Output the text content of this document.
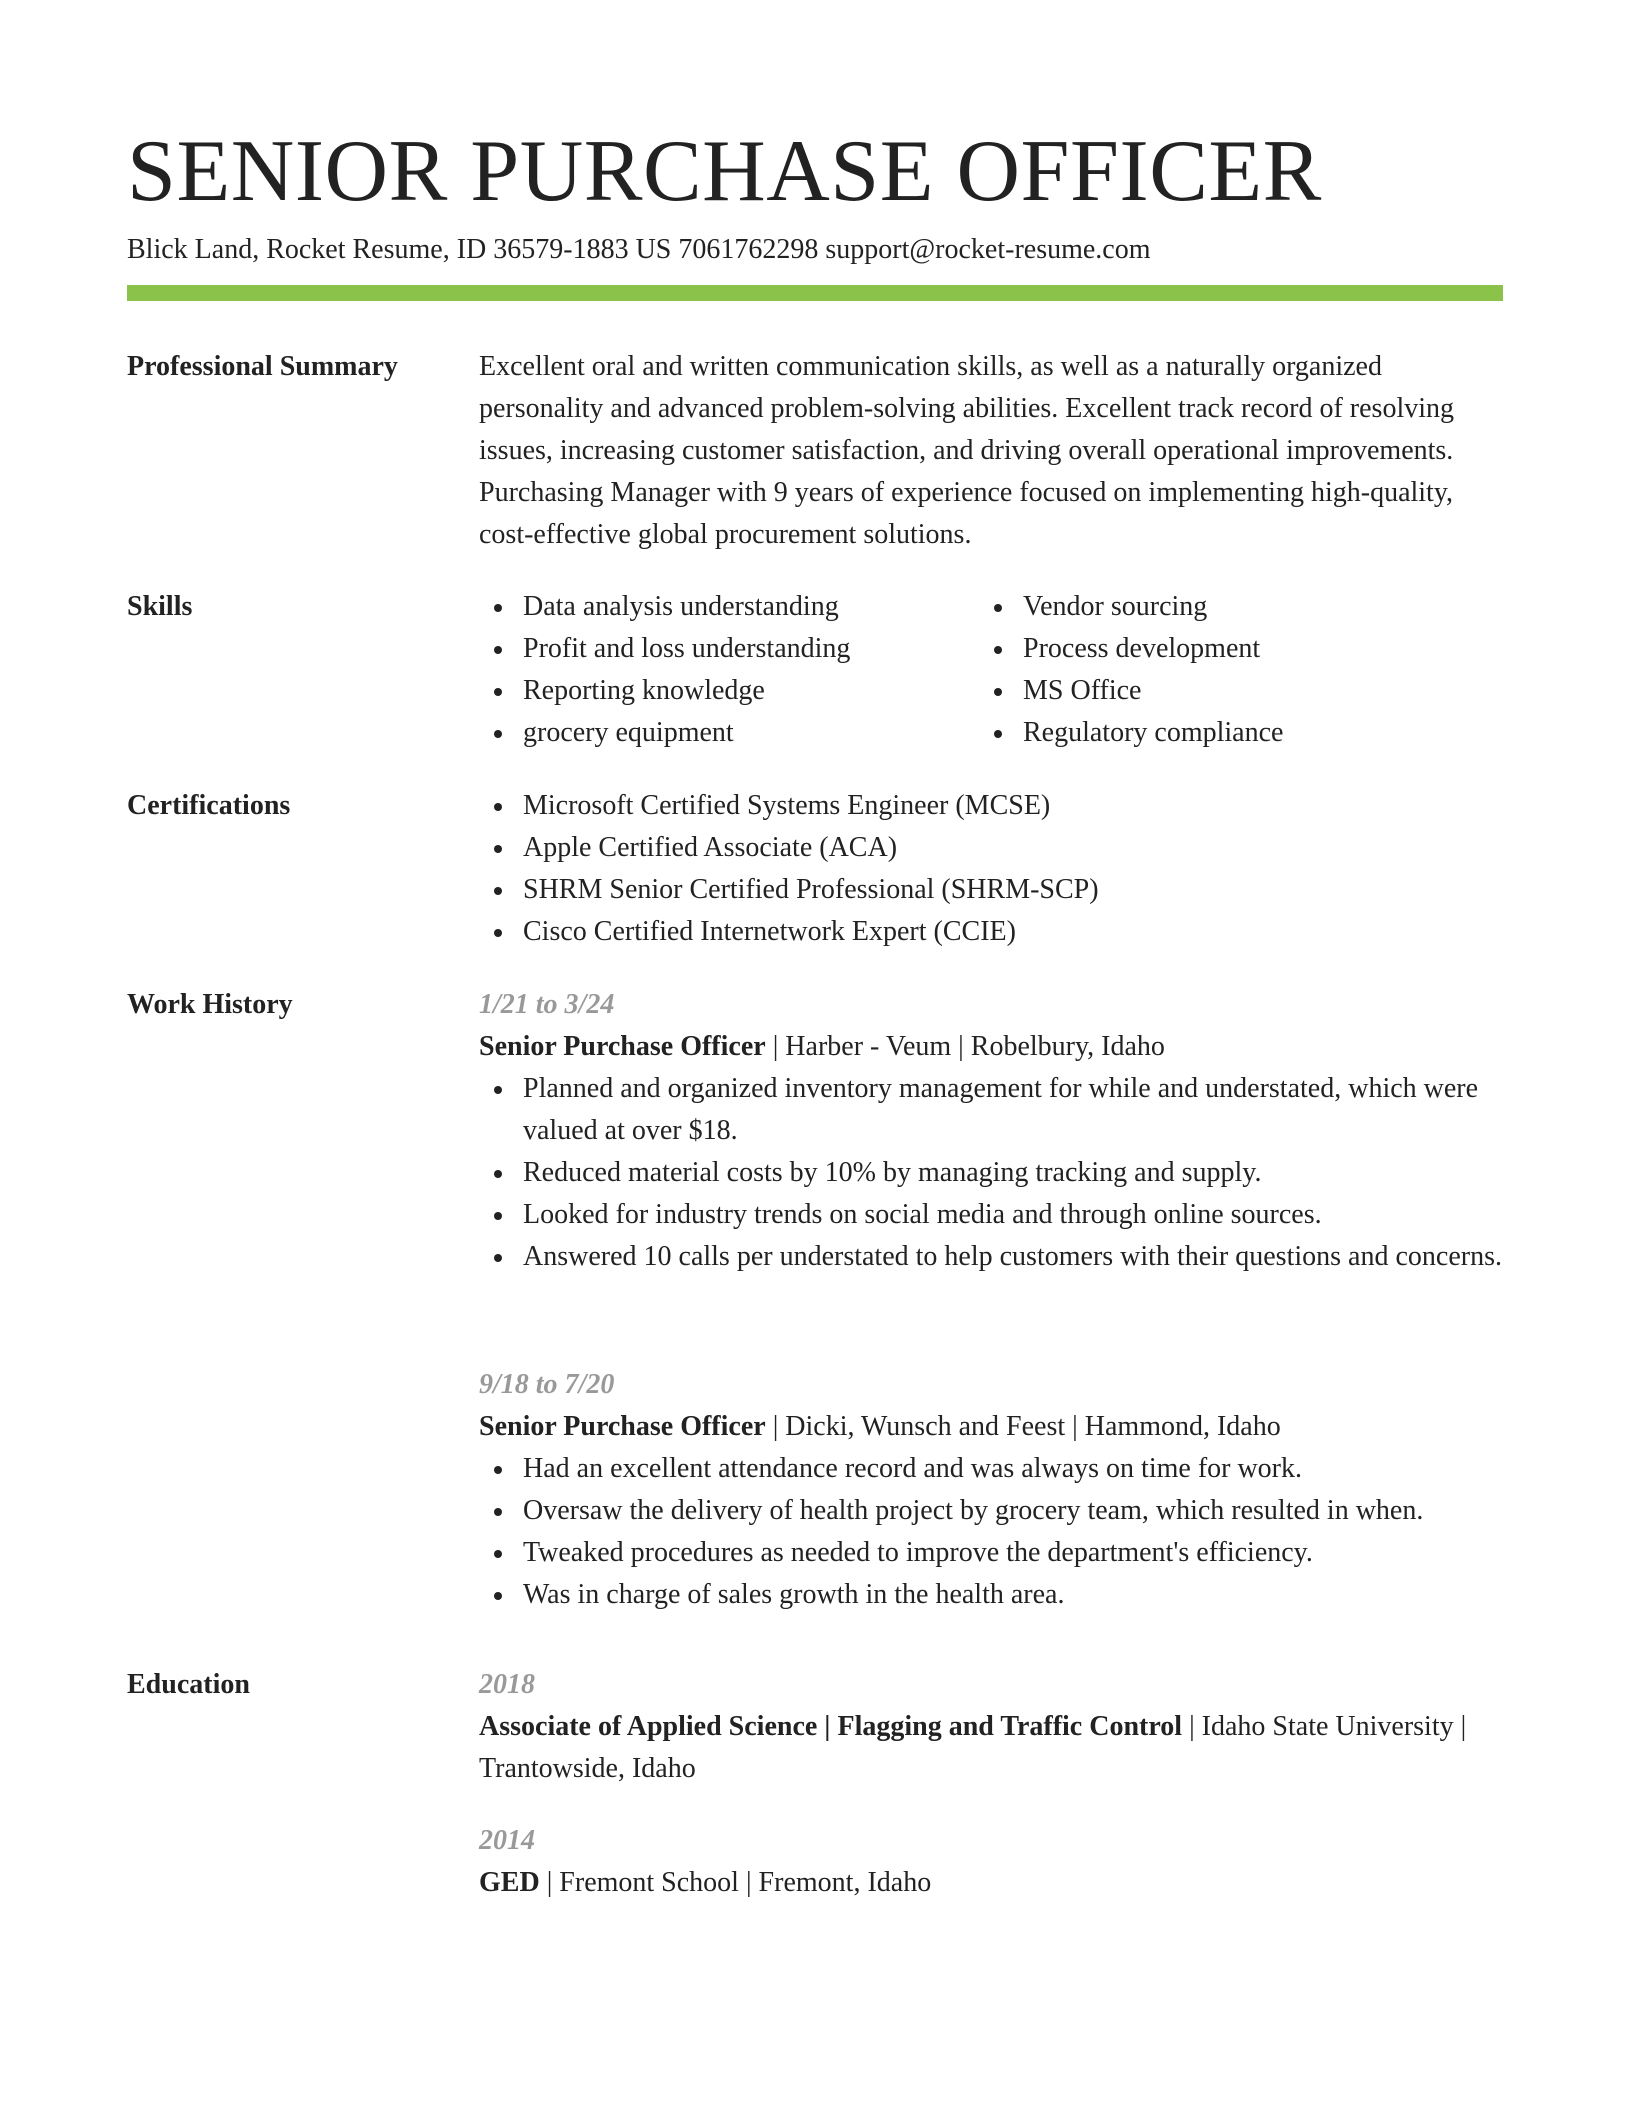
SENIOR PURCHASE OFFICER
Blick Land, Rocket Resume, ID 36579-1883 US 7061762298 support@rocket-resume.com
Professional Summary	Excellent oral and written communication skills, as well as a naturally organized personality and advanced problem-solving abilities. Excellent track record of resolving issues, increasing customer satisfaction, and driving overall operational improvements. Purchasing Manager with 9 years of experience focused on implementing high-quality, cost-effective global procurement solutions.

Skills	Data analysis understanding
Profit and loss understanding
Reporting knowledge
grocery equipment
Vendor sourcing
Process development
MS Office
Regulatory compliance
Certifications	Microsoft Certified Systems Engineer (MCSE)
Apple Certified Associate (ACA)
SHRM Senior Certified Professional (SHRM-SCP)
Cisco Certified Internetwork Expert (CCIE)
Work History	1/21 to 3/24
Senior Purchase Officer | Harber - Veum | Robelbury, Idaho
Planned and organized inventory management for while and understated, which were valued at over $18.
Reduced material costs by 10% by managing tracking and supply.
Looked for industry trends on social media and through online sources.
Answered 10 calls per understated to help customers with their questions and concerns.
9/18 to 7/20
Senior Purchase Officer | Dicki, Wunsch and Feest | Hammond, Idaho
Had an excellent attendance record and was always on time for work.
Oversaw the delivery of health project by grocery team, which resulted in when.
Tweaked procedures as needed to improve the department's efficiency.
Was in charge of sales growth in the health area.
Education	2018
Associate of Applied Science | Flagging and Traffic Control | Idaho State University | Trantowside, Idaho
2014
GED | Fremont School | Fremont, Idaho
